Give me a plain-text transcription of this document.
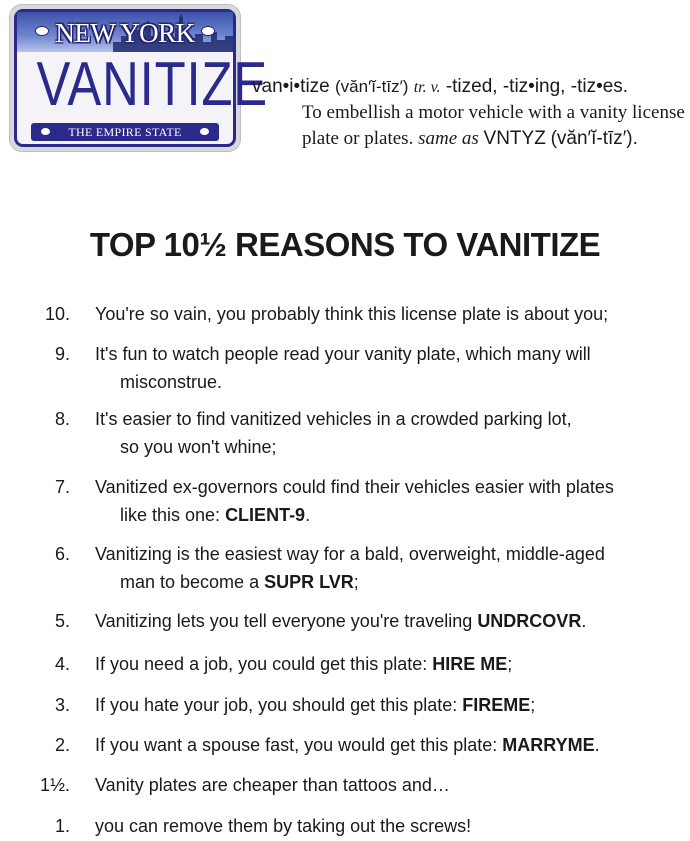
NEW YORK
VANITIZE
THE EMPIRE STATE
van•i•tize (văn′ĭ-tīz′) tr. v. -tized, -tiz•ing, -tiz•es.
To embellish a motor vehicle with a vanity license
plate or plates. same as VNTYZ (văn′ĭ-tīz′).
TOP 10½ REASONS TO VANITIZE
10. You're so vain, you probably think this license plate is about you;
9. It's fun to watch people read your vanity plate, which many will
misconstrue.
8. It's easier to find vanitized vehicles in a crowded parking lot,
so you won't whine;
7. Vanitized ex-governors could find their vehicles easier with plates
like this one: CLIENT-9.
6. Vanitizing is the easiest way for a bald, overweight, middle-aged
man to become a SUPR LVR;
5. Vanitizing lets you tell everyone you're traveling UNDRCOVR.
4. If you need a job, you could get this plate: HIRE ME;
3. If you hate your job, you should get this plate: FIREME;
2. If you want a spouse fast, you would get this plate: MARRYME.
1½. Vanity plates are cheaper than tattoos and…
1. you can remove them by taking out the screws!
